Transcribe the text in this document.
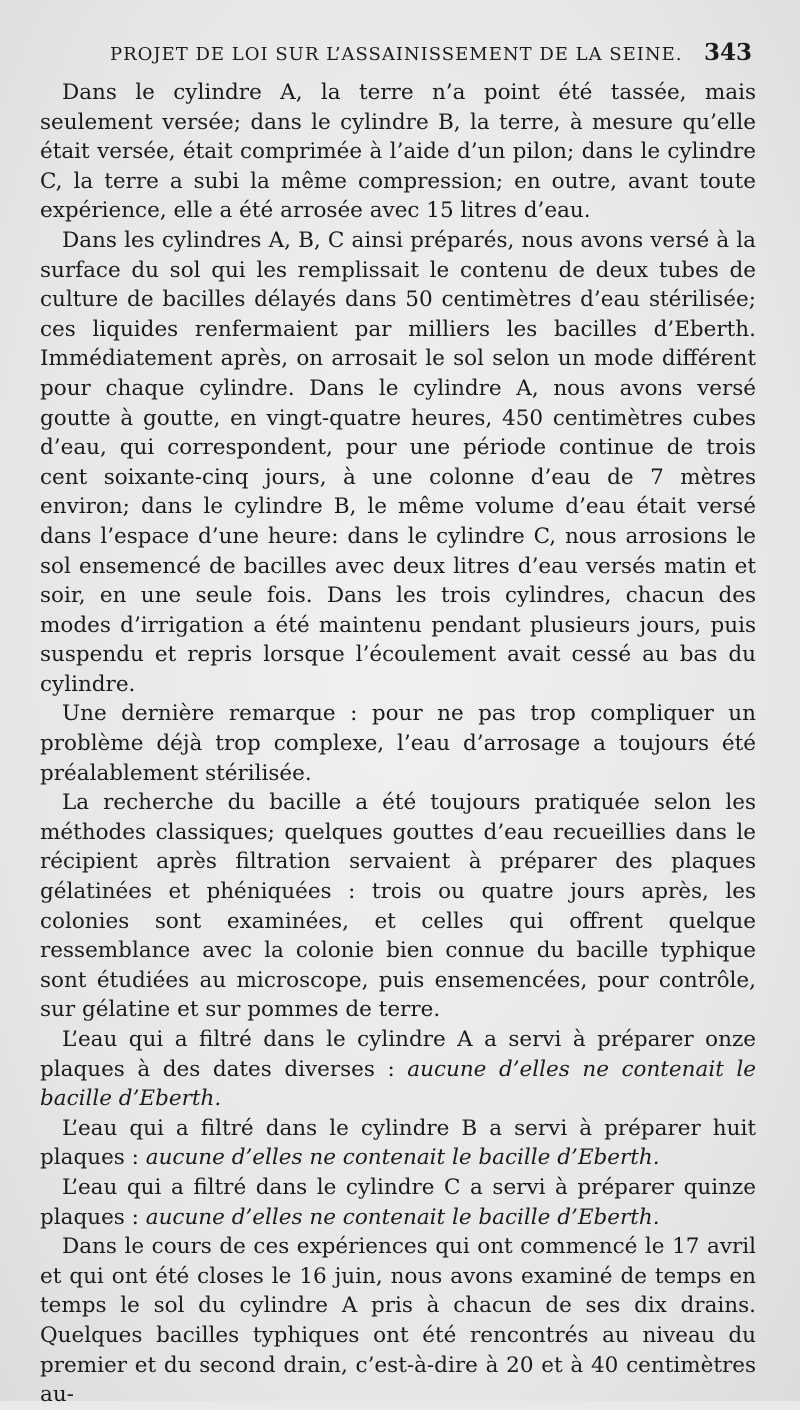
PROJET DE LOI SUR L’ASSAINISSEMENT DE LA SEINE. 343

Dans le cylindre A, la terre n’a point été tassée, mais seulement versée; dans le cylindre B, la terre, à mesure qu’elle était versée, était comprimée à l’aide d’un pilon; dans le cylindre C, la terre a subi la même compression; en outre, avant toute expérience, elle a été arrosée avec 15 litres d’eau.

Dans les cylindres A, B, C ainsi préparés, nous avons versé à la surface du sol qui les remplissait le contenu de deux tubes de culture de bacilles délayés dans 50 centimètres d’eau stérilisée; ces liquides renfermaient par milliers les bacilles d’Eberth. Immédiatement après, on arrosait le sol selon un mode différent pour chaque cylindre. Dans le cylindre A, nous avons versé goutte à goutte, en vingt-quatre heures, 450 centimètres cubes d’eau, qui correspondent, pour une période continue de trois cent soixante-cinq jours, à une colonne d’eau de 7 mètres environ; dans le cylindre B, le même volume d’eau était versé dans l’espace d’une heure: dans le cylindre C, nous arrosions le sol ensemencé de bacilles avec deux litres d’eau versés matin et soir, en une seule fois. Dans les trois cylindres, chacun des modes d’irrigation a été maintenu pendant plusieurs jours, puis suspendu et repris lorsque l’écoulement avait cessé au bas du cylindre.

Une dernière remarque : pour ne pas trop compliquer un problème déjà trop complexe, l’eau d’arrosage a toujours été préalablement stérilisée.

La recherche du bacille a été toujours pratiquée selon les méthodes classiques; quelques gouttes d’eau recueillies dans le récipient après filtration servaient à préparer des plaques gélatinées et phéniquées : trois ou quatre jours après, les colonies sont examinées, et celles qui offrent quelque ressemblance avec la colonie bien connue du bacille typhique sont étudiées au microscope, puis ensemencées, pour contrôle, sur gélatine et sur pommes de terre.

L’eau qui a filtré dans le cylindre A a servi à préparer onze plaques à des dates diverses : aucune d’elles ne contenait le bacille d’Eberth.

L’eau qui a filtré dans le cylindre B a servi à préparer huit plaques : aucune d’elles ne contenait le bacille d’Eberth.

L’eau qui a filtré dans le cylindre C a servi à préparer quinze plaques : aucune d’elles ne contenait le bacille d’Eberth.

Dans le cours de ces expériences qui ont commencé le 17 avril et qui ont été closes le 16 juin, nous avons examiné de temps en temps le sol du cylindre A pris à chacun de ses dix drains. Quelques bacilles typhiques ont été rencontrés au niveau du premier et du second drain, c’est-à-dire à 20 et à 40 centimètres au-
